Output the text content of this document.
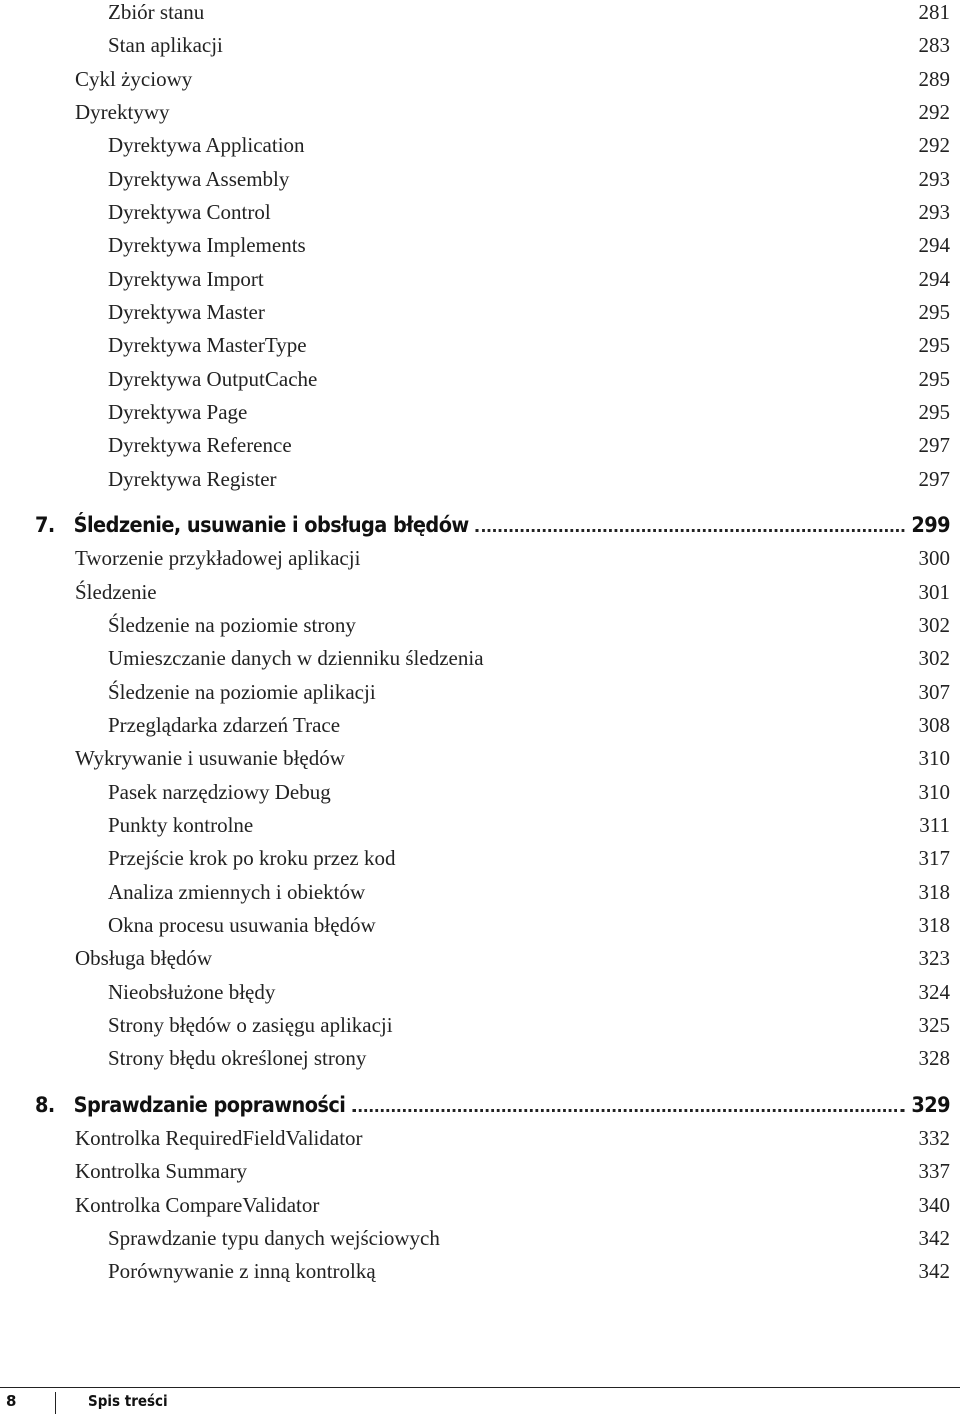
Zbiór stanu	281
Stan aplikacji	283
Cykl życiowy	289
Dyrektywy	292
Dyrektywa Application	292
Dyrektywa Assembly	293
Dyrektywa Control	293
Dyrektywa Implements	294
Dyrektywa Import	294
Dyrektywa Master	295
Dyrektywa MasterType	295
Dyrektywa OutputCache	295
Dyrektywa Page	295
Dyrektywa Reference	297
Dyrektywa Register	297
7. Śledzenie, usuwanie i obsługa błędów	299
Tworzenie przykładowej aplikacji	300
Śledzenie	301
Śledzenie na poziomie strony	302
Umieszczanie danych w dzienniku śledzenia	302
Śledzenie na poziomie aplikacji	307
Przeglądarka zdarzeń Trace	308
Wykrywanie i usuwanie błędów	310
Pasek narzędziowy Debug	310
Punkty kontrolne	311
Przejście krok po kroku przez kod	317
Analiza zmiennych i obiektów	318
Okna procesu usuwania błędów	318
Obsługa błędów	323
Nieobsłużone błędy	324
Strony błędów o zasięgu aplikacji	325
Strony błędu określonej strony	328
8. Sprawdzanie poprawności	329
Kontrolka RequiredFieldValidator	332
Kontrolka Summary	337
Kontrolka CompareValidator	340
Sprawdzanie typu danych wejściowych	342
Porównywanie z inną kontrolką	342
8	Spis treści
